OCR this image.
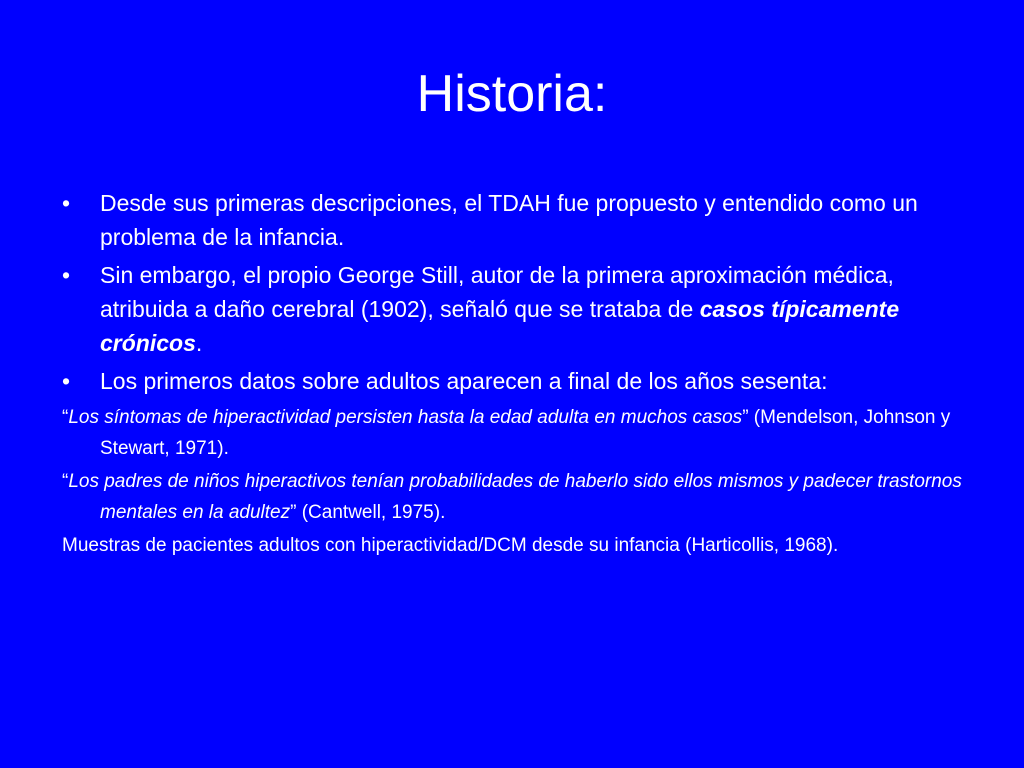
Historia:
• Desde sus primeras descripciones, el TDAH fue propuesto y entendido como un problema de la infancia.
• Sin embargo, el propio George Still, autor de la primera aproximación médica, atribuida a daño cerebral (1902), señaló que se trataba de casos típicamente crónicos.
• Los primeros datos sobre adultos aparecen a final de los años sesenta:
“Los síntomas de hiperactividad persisten hasta la edad adulta en muchos casos” (Mendelson, Johnson y Stewart, 1971).
“Los padres de niños hiperactivos tenían probabilidades de haberlo sido ellos mismos y padecer trastornos mentales en la adultez” (Cantwell, 1975).
Muestras de pacientes adultos con hiperactividad/DCM desde su infancia (Harticollis, 1968).
